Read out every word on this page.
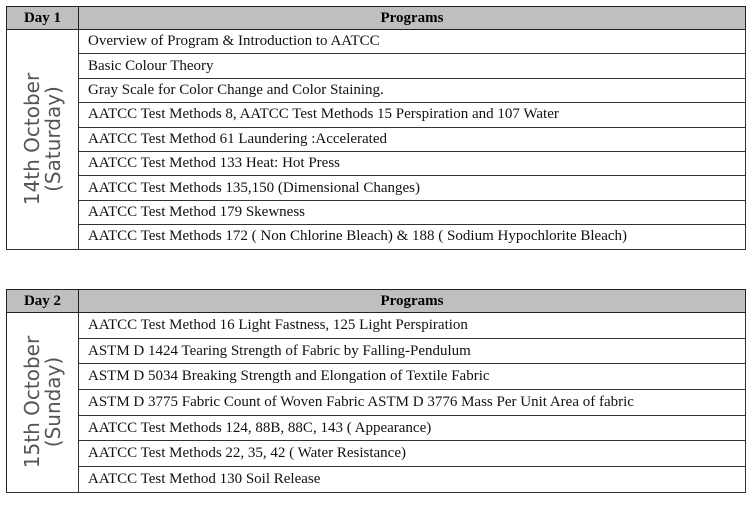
Day 1	Programs

14th October
(Saturday)	Overview of Program & Introduction to AATCC
	Basic Colour Theory
	Gray Scale for Color Change and Color Staining.
	AATCC Test Methods 8, AATCC Test Methods 15 Perspiration and 107 Water
	AATCC Test Method 61 Laundering :Accelerated
	AATCC Test Method 133 Heat: Hot Press
	AATCC Test Methods 135,150 (Dimensional Changes)
	AATCC Test Method 179 Skewness
	AATCC Test Methods 172 ( Non Chlorine Bleach) & 188 ( Sodium Hypochlorite Bleach)
Day 2	Programs

15th October
(Sunday)	AATCC Test Method 16 Light Fastness, 125 Light Perspiration
	ASTM D 1424 Tearing Strength of Fabric by Falling-Pendulum
	ASTM D 5034 Breaking Strength and Elongation of Textile Fabric
	ASTM D 3775 Fabric Count of Woven Fabric ASTM D 3776 Mass Per Unit Area of fabric
	AATCC Test Methods 124, 88B, 88C, 143 ( Appearance)
	AATCC Test Methods 22, 35, 42 ( Water Resistance)
	AATCC Test Method 130 Soil Release
